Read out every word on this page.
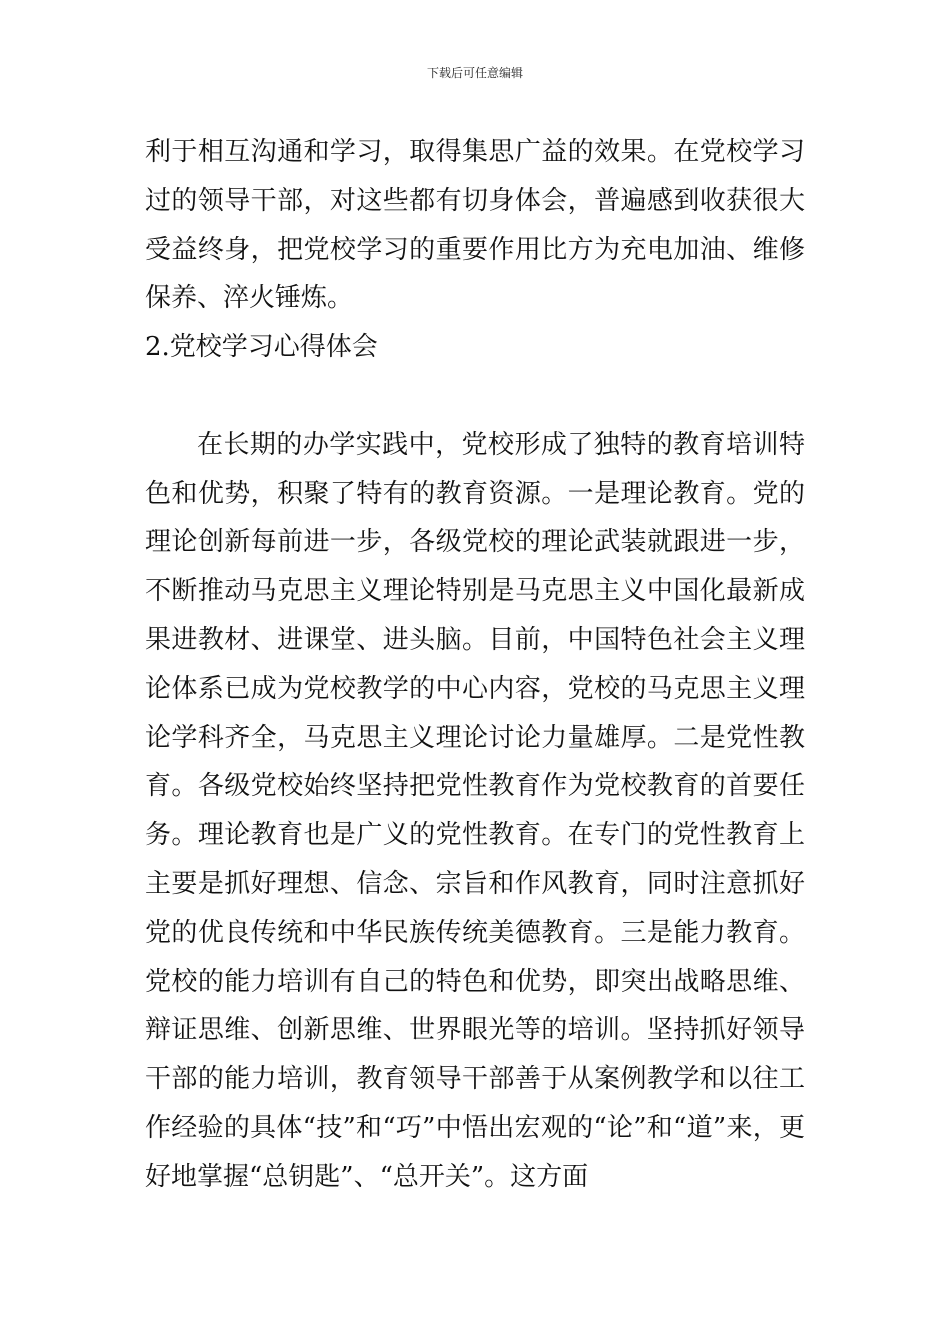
下载后可任意编辑

利于相互沟通和学习，取得集思广益的效果。在党校学习过的领导干部，对这些都有切身体会，普遍感到收获很大受益终身，把党校学习的重要作用比方为充电加油、维修保养、淬火锤炼。

2.党校学习心得体会

在长期的办学实践中，党校形成了独特的教育培训特色和优势，积聚了特有的教育资源。一是理论教育。党的理论创新每前进一步，各级党校的理论武装就跟进一步，不断推动马克思主义理论特别是马克思主义中国化最新成果进教材、进课堂、进头脑。目前，中国特色社会主义理论体系已成为党校教学的中心内容，党校的马克思主义理论学科齐全，马克思主义理论讨论力量雄厚。二是党性教育。各级党校始终坚持把党性教育作为党校教育的首要任务。理论教育也是广义的党性教育。在专门的党性教育上主要是抓好理想、信念、宗旨和作风教育，同时注意抓好党的优良传统和中华民族传统美德教育。三是能力教育。党校的能力培训有自己的特色和优势，即突出战略思维、辩证思维、创新思维、世界眼光等的培训。坚持抓好领导干部的能力培训，教育领导干部善于从案例教学和以往工作经验的具体“技”和“巧”中悟出宏观的“论”和“道”来，更好地掌握“总钥匙”、“总开关”。这方面
